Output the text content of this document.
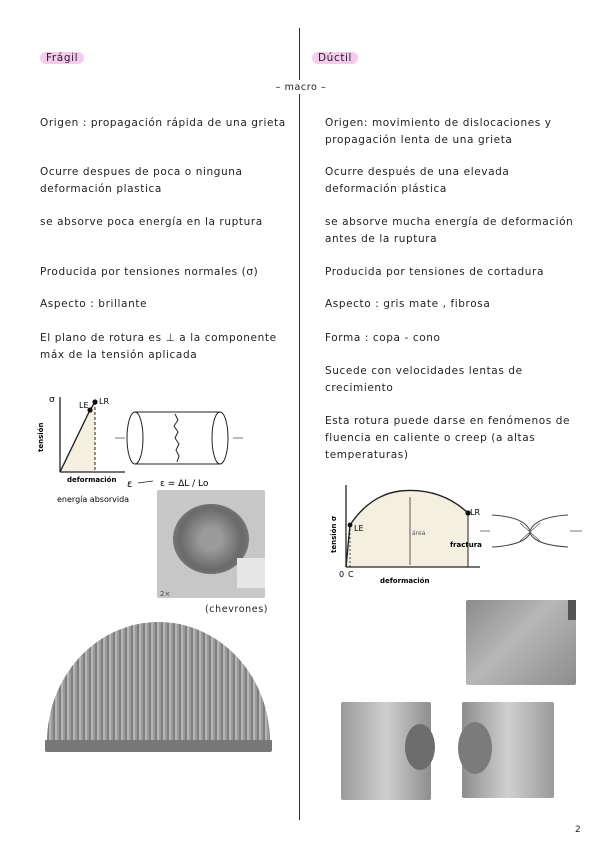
Frágil	Dúctil
– macro –
Origen : propagación rápida de una grieta
Ocurre despues de poca o ninguna deformación plastica
se absorve poca energía en la ruptura
Producida por tensiones normales (σ)
Aspecto : brillante
El plano de rotura es ⊥ a la componente máx de la tensión aplicada
Origen: movimiento de dislocaciones y propagación lenta de una grieta
Ocurre después de una elevada deformación plástica
se absorve mucha energía de deformación antes de la ruptura
Producida por tensiones de cortadura
Aspecto : gris mate , fibrosa
Forma : copa - cono
Sucede con velocidades lentas de crecimiento
Esta rotura puede darse en fenómenos de fluencia en caliente o creep (a altas temperaturas)
σ
LE LR
tensión
deformación ε	ε = ΔL / Lo
energía absorvida
2×
(chevrones)
tensión σ LE
LR
0 C
área
fractura
deformación
2
